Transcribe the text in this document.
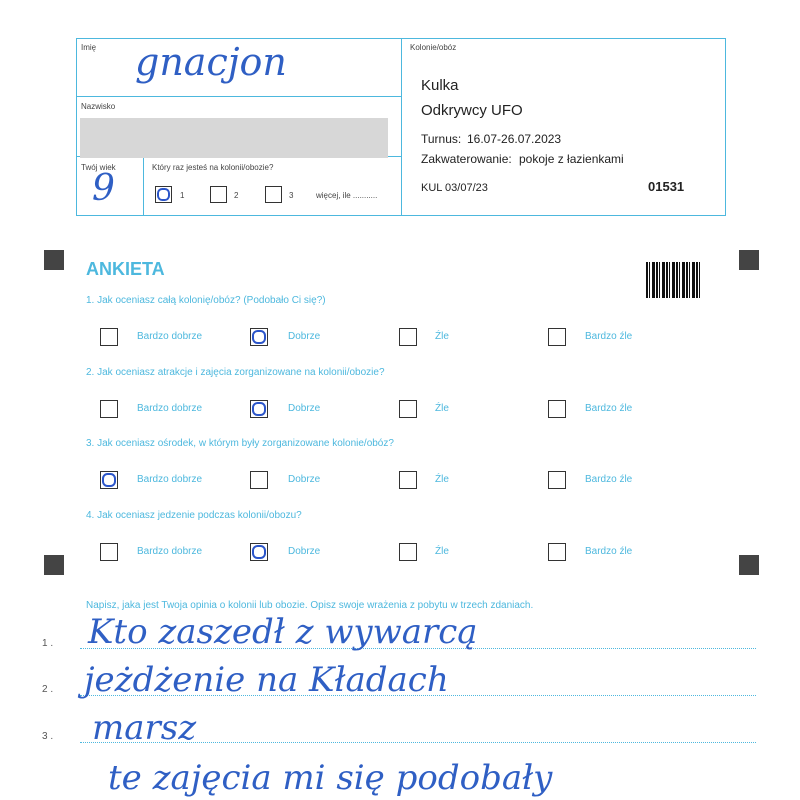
Imię gnacjon
Nazwisko
Twój wiek
9
Który raz jesteś na kolonii/obozie?
1	2	3	więcej, ile ...........
Kolonie/obóz
Kulka
Odkrywcy UFO
Turnus: 16.07-26.07.2023
Zakwaterowanie: pokoje z łazienkami
KUL 03/07/23	01531
ANKIETA
1. Jak oceniasz całą kolonię/obóz? (Podobało Ci się?)
Bardzo dobrze	Dobrze	Źle	Bardzo źle
2. Jak oceniasz atrakcje i zajęcia zorganizowane na kolonii/obozie?
Bardzo dobrze	Dobrze	Źle	Bardzo źle
3. Jak oceniasz ośrodek, w którym były zorganizowane kolonie/obóz?
Bardzo dobrze	Dobrze	Źle	Bardzo źle
4. Jak oceniasz jedzenie podczas kolonii/obozu?
Bardzo dobrze	Dobrze	Źle	Bardzo źle
Napisz, jaka jest Twoja opinia o kolonii lub obozie. Opisz swoje wrażenia z pobytu w trzech zdaniach.
1 .
2 .
3 .
Kto zaszedł z wywarcą
jeżdżenie na Kładach
marsz
te zajęcia mi się podobały
